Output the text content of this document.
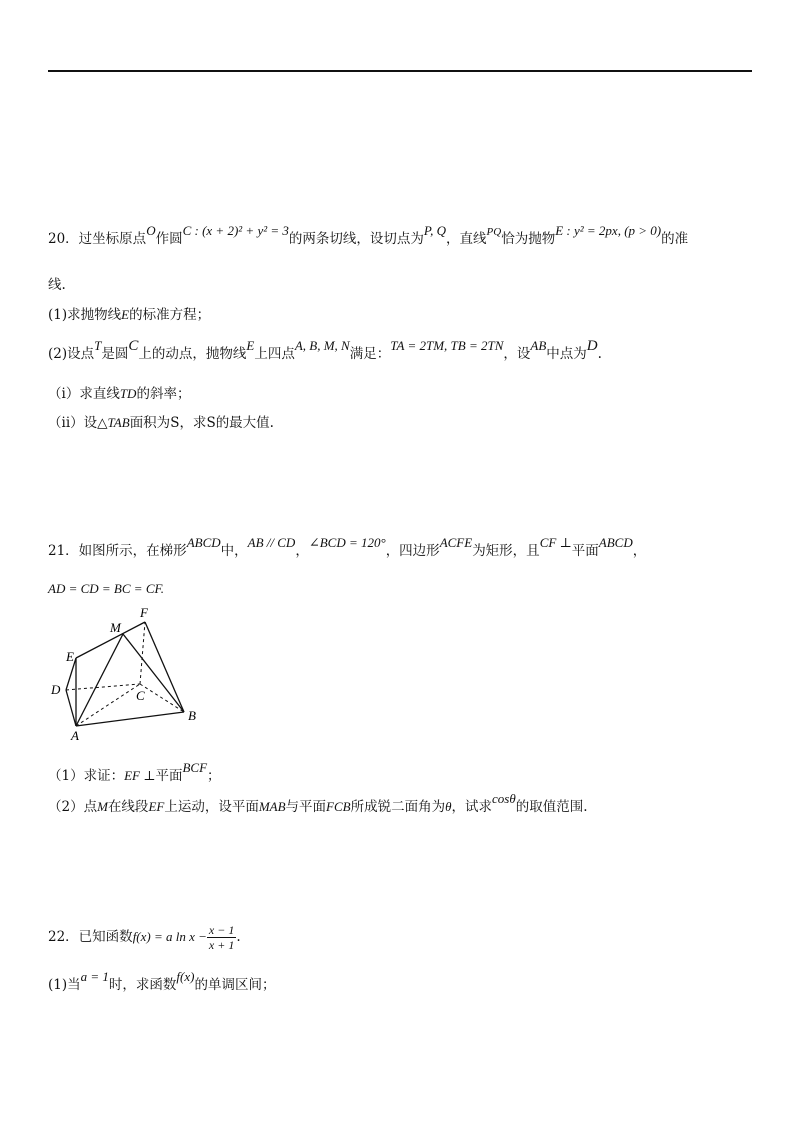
20．过坐标原点O作圆C : (x + 2)² + y² = 3的两条切线，设切点为P, Q，直线$^{PQ}$恰为抛物E : y² = 2px, (p > 0)的准
线.
(1)求抛物线E的标准方程；
(2)设点T是圆C上的动点，抛物线E上四点A, B, M, N满足：TA = 2TM, TB = 2TN，设AB中点为D.
（i）求直线TD的斜率；
（ii）设△TAB面积为S，求S的最大值.
21．如图所示，在梯形ABCD中，AB // CD，∠BCD = 120°，四边形ACFE为矩形，且CF ⊥平面ABCD，
AD = CD = BC = CF.
F
M
E
D	C
B
A
（1）求证：EF ⊥平面BCF；
（2）点M在线段EF上运动，设平面MAB与平面FCB所成锐二面角为θ，试求cosθ的取值范围.
22．已知函数f(x) = a $\ln x - \frac{x - 1}{x + 1}$ .
(1)当a = 1时，求函数f(x)的单调区间；
